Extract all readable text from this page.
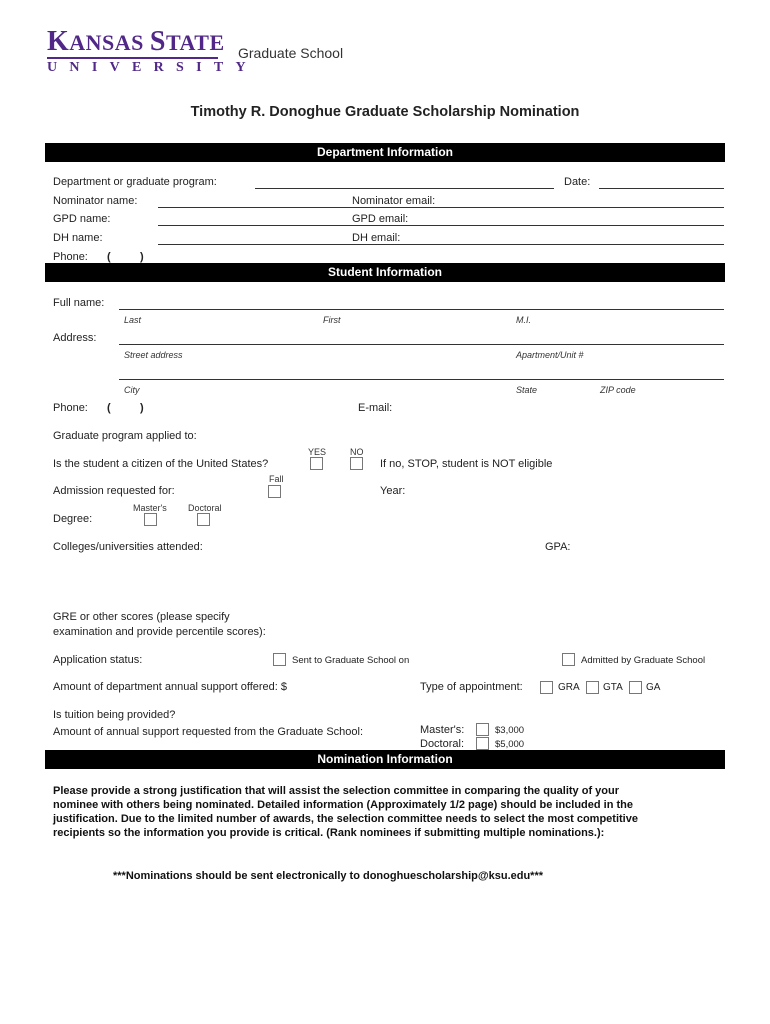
KANSAS STATE
UNIVERSITY
Graduate School
Timothy R. Donoghue Graduate Scholarship Nomination
Department Information
Department or graduate program:	Date:
Nominator name:	Nominator email:
GPD name:	GPD email:
DH name:	DH email:
Phone: (	)
Student Information
Full name:
Last	First	M.I.
Address:
Street address	Apartment/Unit #
City	State	ZIP code
Phone: (	)	E-mail:
Graduate program applied to:
YES	NO
Is the student a citizen of the United States?	If no, STOP, student is NOT eligible
Fall
Admission requested for:	Year:
Master's Doctoral
Degree:
Colleges/universities attended:	GPA:
GRE or other scores (please specify
examination and provide percentile scores):
Application status:	Sent to Graduate School on	Admitted by Graduate School
Amount of department annual support offered: $	Type of appointment:	GRA GTA GA
Is tuition being provided?
Amount of annual support requested from the Graduate School:	Master's:	$3,000
Doctoral:	$5,000
Nomination Information
Please provide a strong justification that will assist the selection committee in comparing the quality of your
nominee with others being nominated. Detailed information (Approximately 1/2 page) should be included in the
justification. Due to the limited number of awards, the selection committee needs to select the most competitive
recipients so the information you provide is critical. (Rank nominees if submitting multiple nominations.):
***Nominations should be sent electronically to donoghuescholarship@ksu.edu***
